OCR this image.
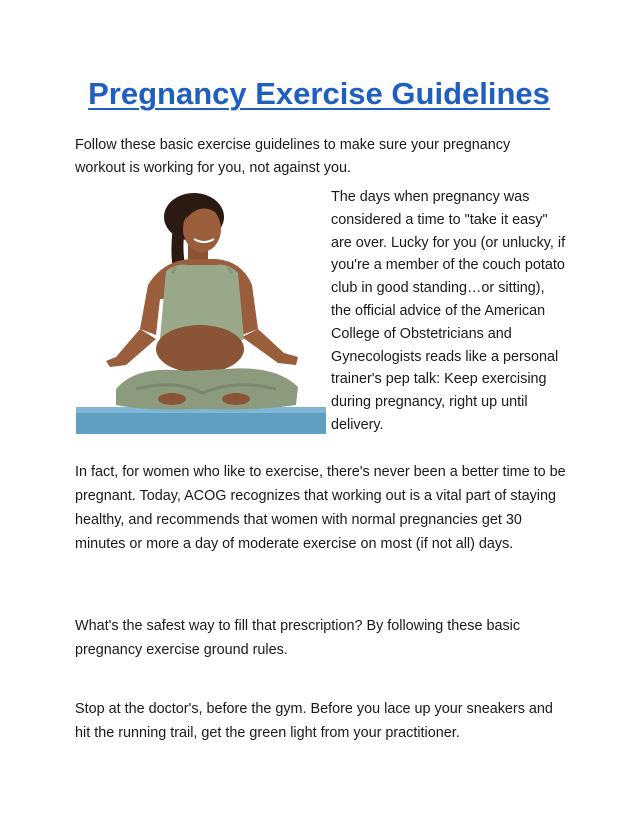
Pregnancy Exercise Guidelines

Follow these basic exercise guidelines to make sure your pregnancy workout is working for you, not against you.

The days when pregnancy was considered a time to "take it easy" are over. Lucky for you (or unlucky, if you're a member of the couch potato club in good standing…or sitting), the official advice of the American College of Obstetricians and Gynecologists reads like a personal trainer's pep talk: Keep exercising during pregnancy, right up until delivery.

In fact, for women who like to exercise, there's never been a better time to be pregnant. Today, ACOG recognizes that working out is a vital part of staying healthy, and recommends that women with normal pregnancies get 30 minutes or more a day of moderate exercise on most (if not all) days.

What's the safest way to fill that prescription? By following these basic pregnancy exercise ground rules.

Stop at the doctor's, before the gym. Before you lace up your sneakers and hit the running trail, get the green light from your practitioner.
